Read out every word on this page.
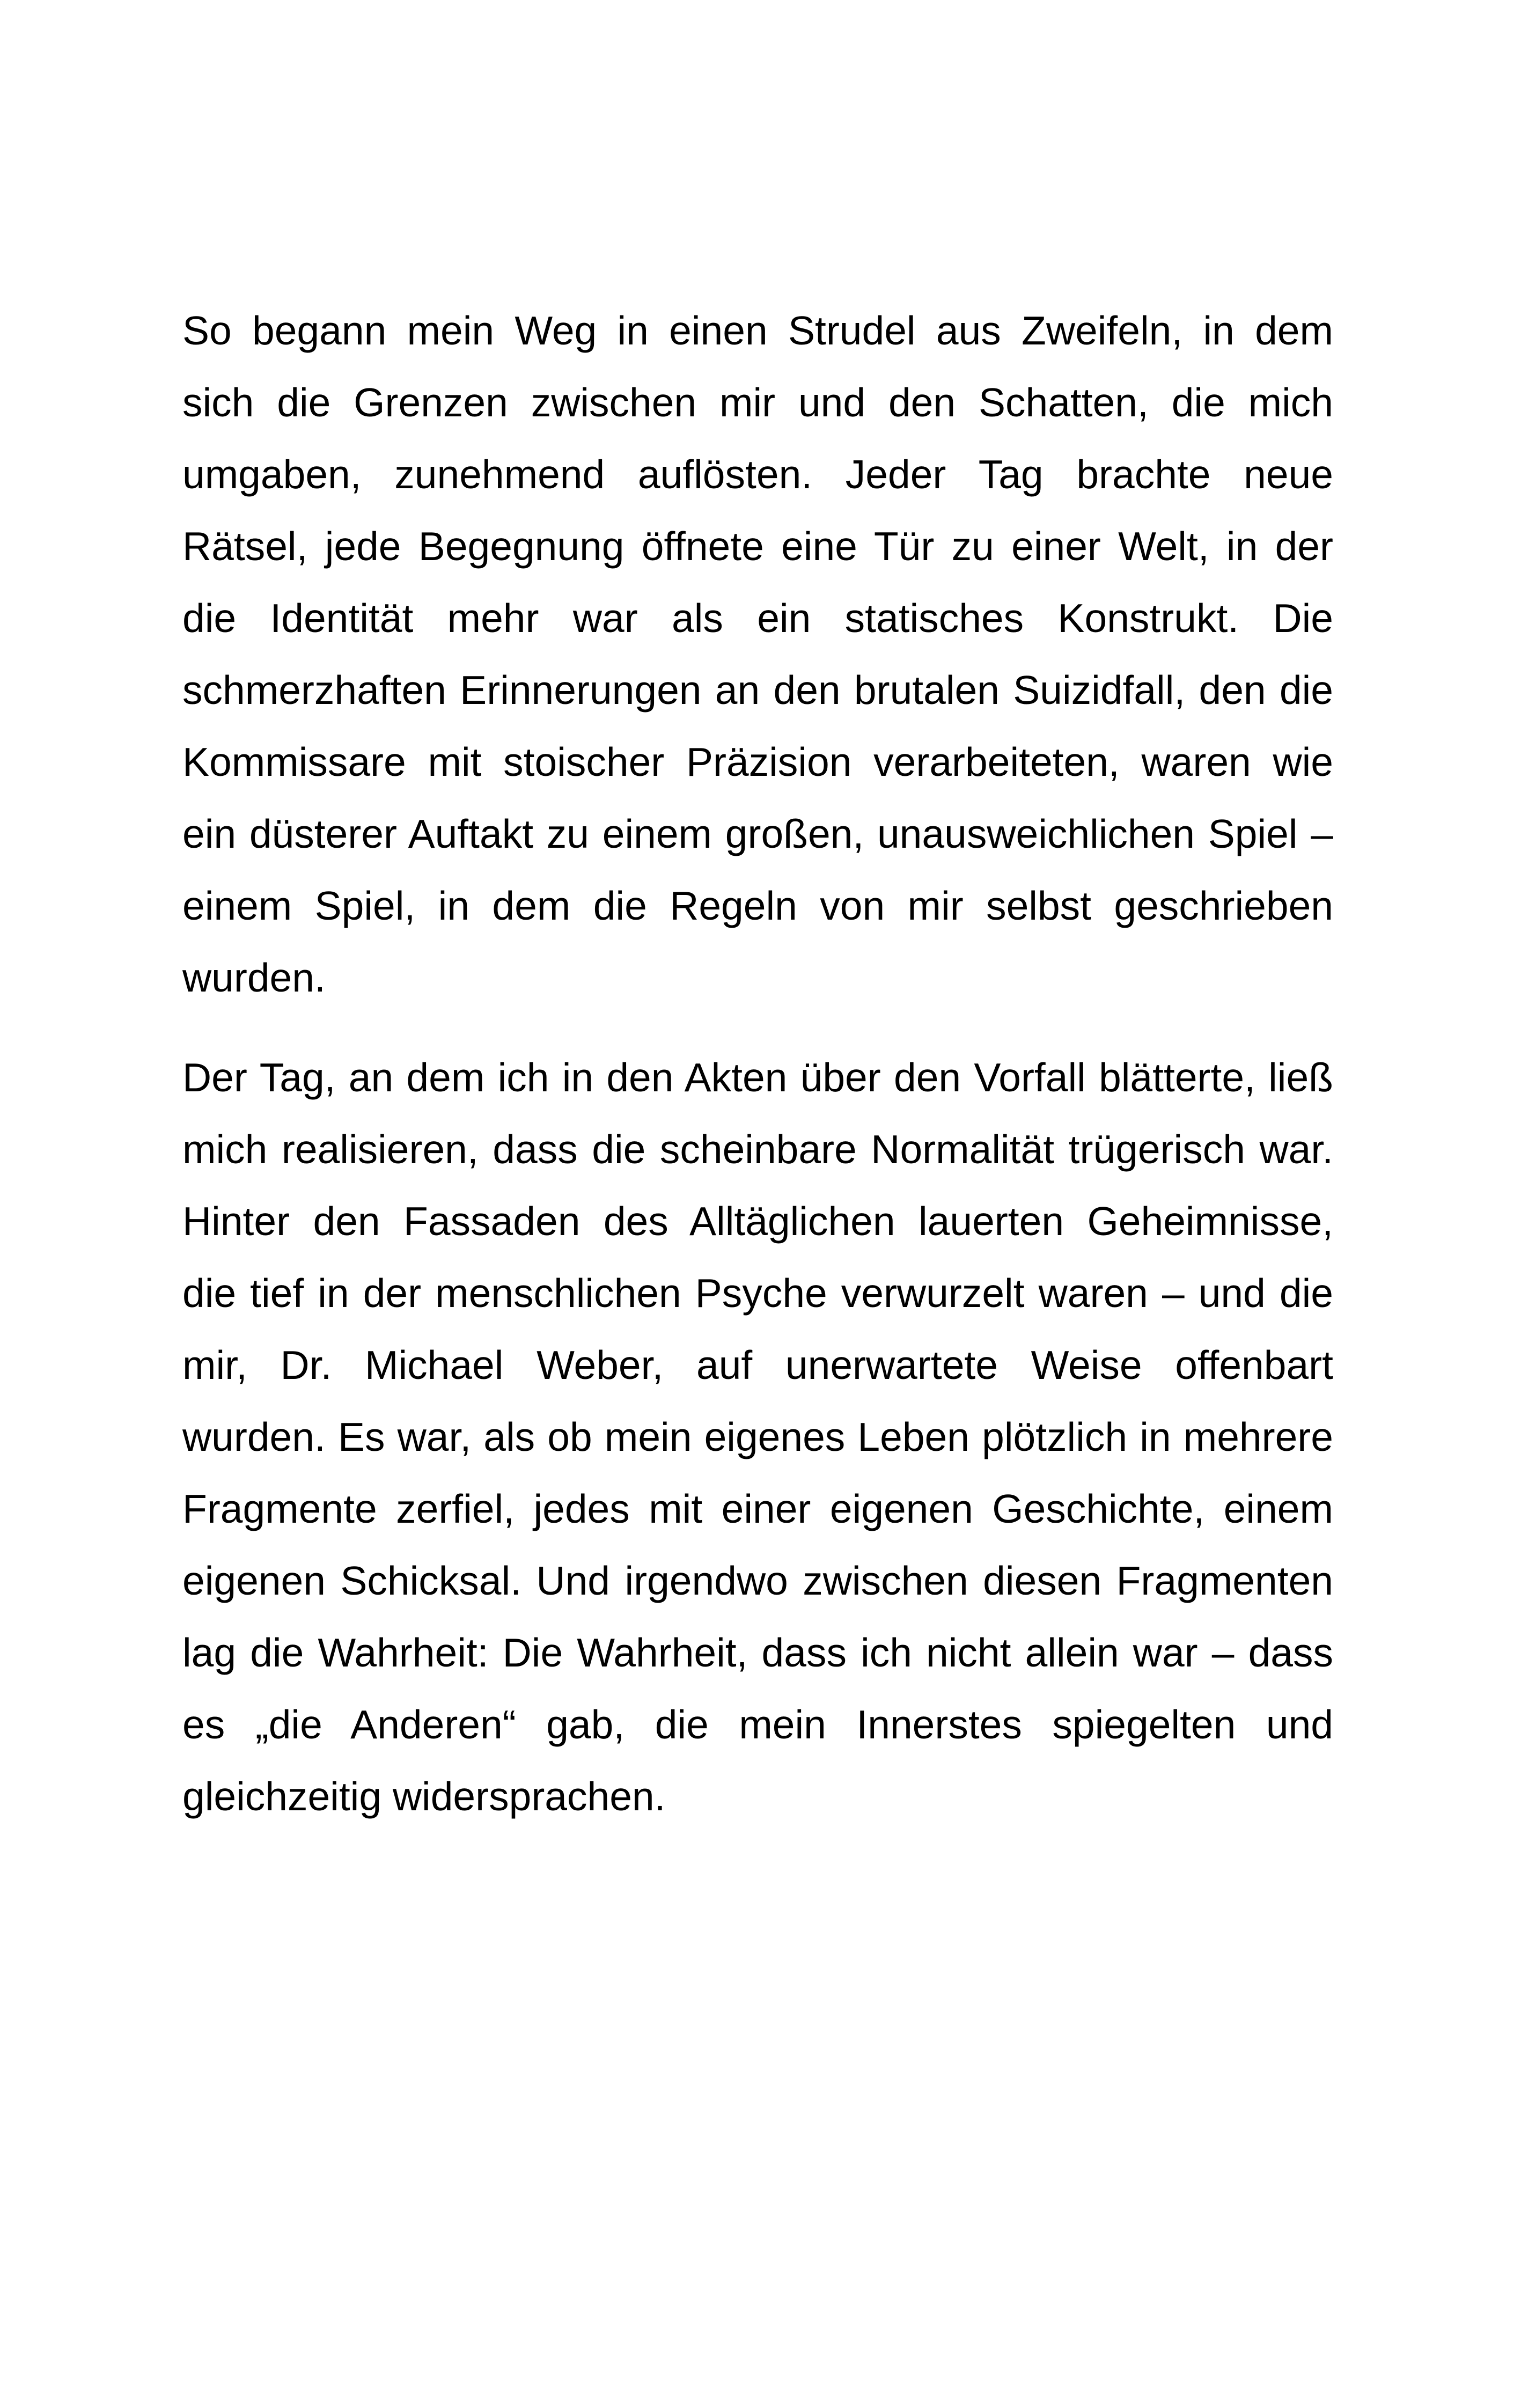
So begann mein Weg in einen Strudel aus Zweifeln, in dem
sich die Grenzen zwischen mir und den Schatten, die mich
umgaben, zunehmend auflösten. Jeder Tag brachte neue
Rätsel, jede Begegnung öffnete eine Tür zu einer Welt, in der
die Identität mehr war als ein statisches Konstrukt. Die
schmerzhaften Erinnerungen an den brutalen Suizidfall, den die
Kommissare mit stoischer Präzision verarbeiteten, waren wie
ein düsterer Auftakt zu einem großen, unausweichlichen Spiel –
einem Spiel, in dem die Regeln von mir selbst geschrieben
wurden.
Der Tag, an dem ich in den Akten über den Vorfall blätterte, ließ
mich realisieren, dass die scheinbare Normalität trügerisch war.
Hinter den Fassaden des Alltäglichen lauerten Geheimnisse,
die tief in der menschlichen Psyche verwurzelt waren – und die
mir, Dr. Michael Weber, auf unerwartete Weise offenbart
wurden. Es war, als ob mein eigenes Leben plötzlich in mehrere
Fragmente zerfiel, jedes mit einer eigenen Geschichte, einem
eigenen Schicksal. Und irgendwo zwischen diesen Fragmenten
lag die Wahrheit: Die Wahrheit, dass ich nicht allein war – dass
es „die Anderen“ gab, die mein Innerstes spiegelten und
gleichzeitig widersprachen.
